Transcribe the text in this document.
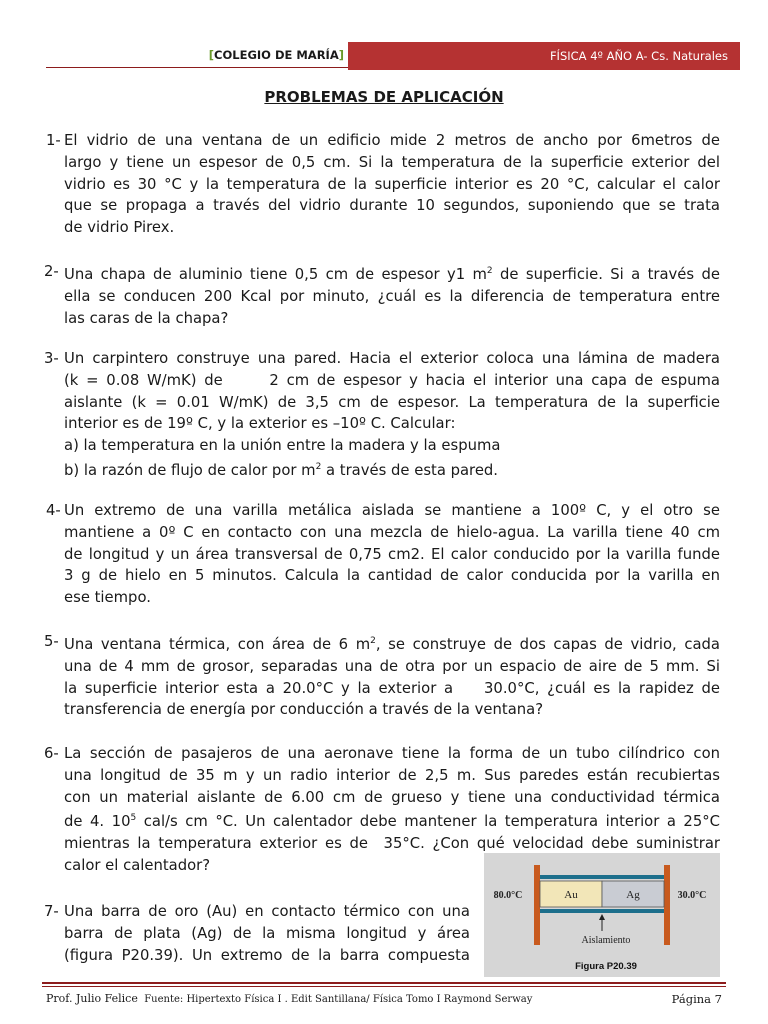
[COLEGIO DE MARÍA]	FÍSICA 4º AÑO A- Cs. Naturales
PROBLEMAS DE APLICACIÓN
1- El vidrio de una ventana de un edificio mide 2 metros de ancho por 6metros de
largo y tiene un espesor de 0,5 cm. Si la temperatura de la superficie exterior del
vidrio es 30 °C y la temperatura de la superficie interior es 20 °C, calcular el calor
que se propaga a través del vidrio durante 10 segundos, suponiendo que se trata
de vidrio Pirex.
2- Una chapa de aluminio tiene 0,5 cm de espesor y1 $m^2$ de superficie. Si a través de
ella se conducen 200 Kcal por minuto, ¿cuál es la diferencia de temperatura entre
las caras de la chapa?
3- Un carpintero construye una pared. Hacia el exterior coloca una lámina de madera
(k = 0.08 W/mK) de      2 cm de espesor y hacia el interior una capa de espuma
aislante (k = 0.01 W/mK) de 3,5 cm de espesor. La temperatura de la superficie
interior es de 19º C, y la exterior es –10º C. Calcular:
a) la temperatura en la unión entre la madera y la espuma
b) la razón de flujo de calor por $m^2$ a través de esta pared.
4- Un extremo de una varilla metálica aislada se mantiene a 100º C, y el otro se
mantiene a 0º C en contacto con una mezcla de hielo-agua. La varilla tiene 40 cm
de longitud y un área transversal de 0,75 cm2. El calor conducido por la varilla funde
3 g de hielo en 5 minutos. Calcula la cantidad de calor conducida por la varilla en
ese tiempo.
5- Una ventana térmica, con área de 6 $m^2$, se construye de dos capas de vidrio, cada
una de 4 mm de grosor, separadas una de otra por un espacio de aire de 5 mm. Si
la superficie interior esta a 20.0°C y la exterior a    30.0°C, ¿cuál es la rapidez de
transferencia de energía por conducción a través de la ventana?
6- La sección de pasajeros de una aeronave tiene la forma de un tubo cilíndrico con
una longitud de 35 m y un radio interior de 2,5 m. Sus paredes están recubiertas
con un material aislante de 6.00 cm de grueso y tiene una conductividad térmica
de 4. $10^5$ cal/s cm °C. Un calentador debe mantener la temperatura interior a 25°C
mientras la temperatura exterior es de  35°C. ¿Con qué velocidad debe suministrar
calor el calentador?
7- Una barra de oro (Au) en contacto térmico con una
barra de plata (Ag) de la misma longitud y área
(figura P20.39). Un extremo de la barra compuesta
Au	Ag
80.0°C	30.0°C
Aislamiento
Figura P20.39
Prof. Julio Felice Fuente: Hipertexto Física I . Edit Santillana/ Física Tomo I Raymond Serway	Página 7
